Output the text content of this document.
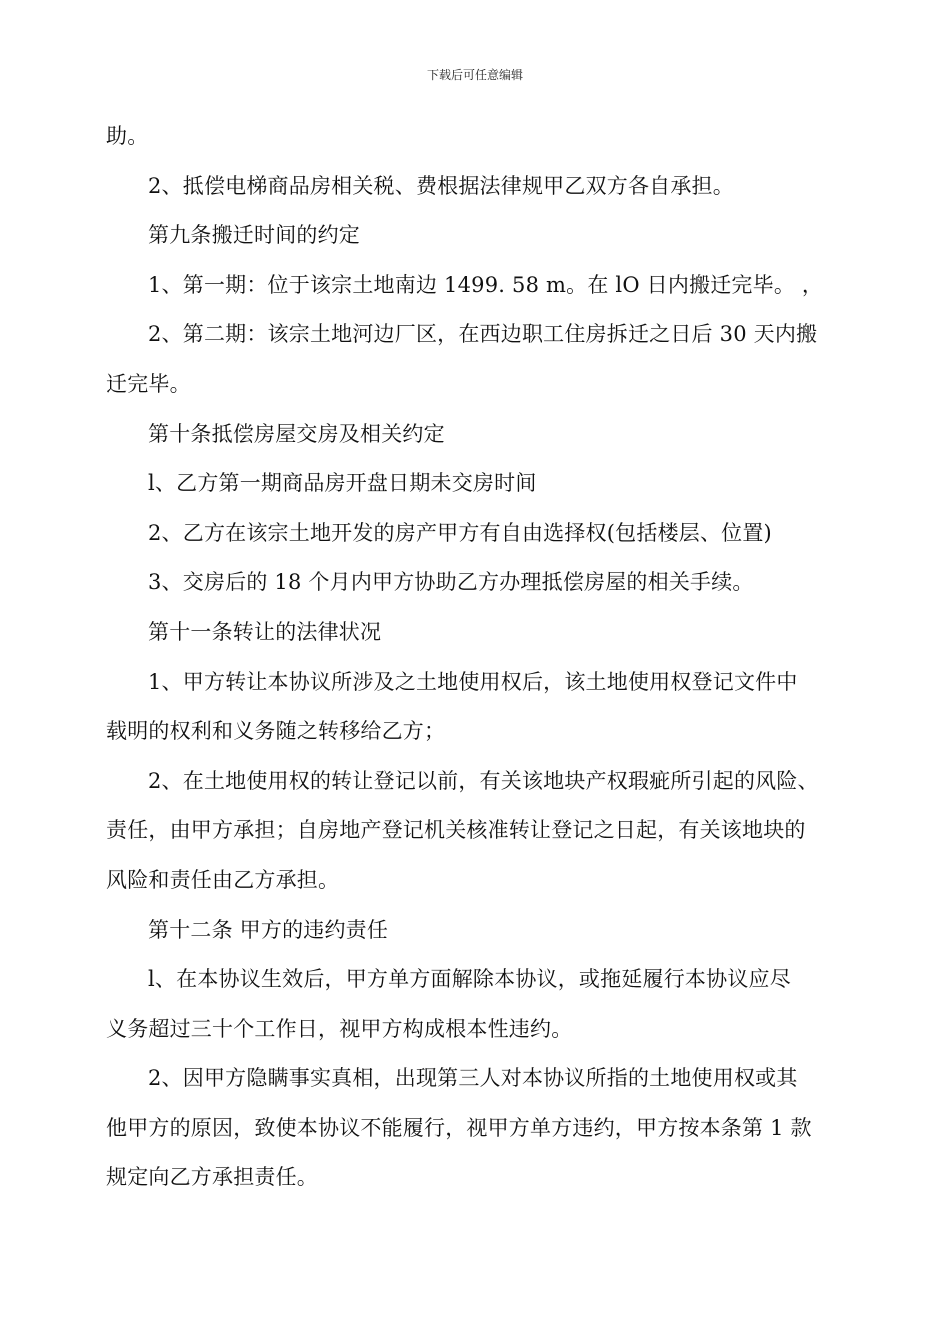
下载后可任意编辑
助。
2、抵偿电梯商品房相关税、费根据法律规甲乙双方各自承担。
第九条搬迁时间的约定
1、第一期：位于该宗土地南边 1499. 58 m。在 lO 日内搬迁完毕。 ，
2、第二期：该宗土地河边厂区，在西边职工住房拆迁之日后 30 天内搬
迁完毕。
第十条抵偿房屋交房及相关约定
l、乙方第一期商品房开盘日期未交房时间
2、乙方在该宗土地开发的房产甲方有自由选择权(包括楼层、位置)
3、交房后的 18 个月内甲方协助乙方办理抵偿房屋的相关手续。
第十一条转让的法律状况
1、甲方转让本协议所涉及之土地使用权后，该土地使用权登记文件中
载明的权利和义务随之转移给乙方；
2、在土地使用权的转让登记以前，有关该地块产权瑕疵所引起的风险、
责任，由甲方承担；自房地产登记机关核准转让登记之日起，有关该地块的
风险和责任由乙方承担。
第十二条 甲方的违约责任
l、在本协议生效后，甲方单方面解除本协议，或拖延履行本协议应尽
义务超过三十个工作日，视甲方构成根本性违约。
2、因甲方隐瞒事实真相，出现第三人对本协议所指的土地使用权或其
他甲方的原因，致使本协议不能履行，视甲方单方违约，甲方按本条第 1 款
规定向乙方承担责任。
